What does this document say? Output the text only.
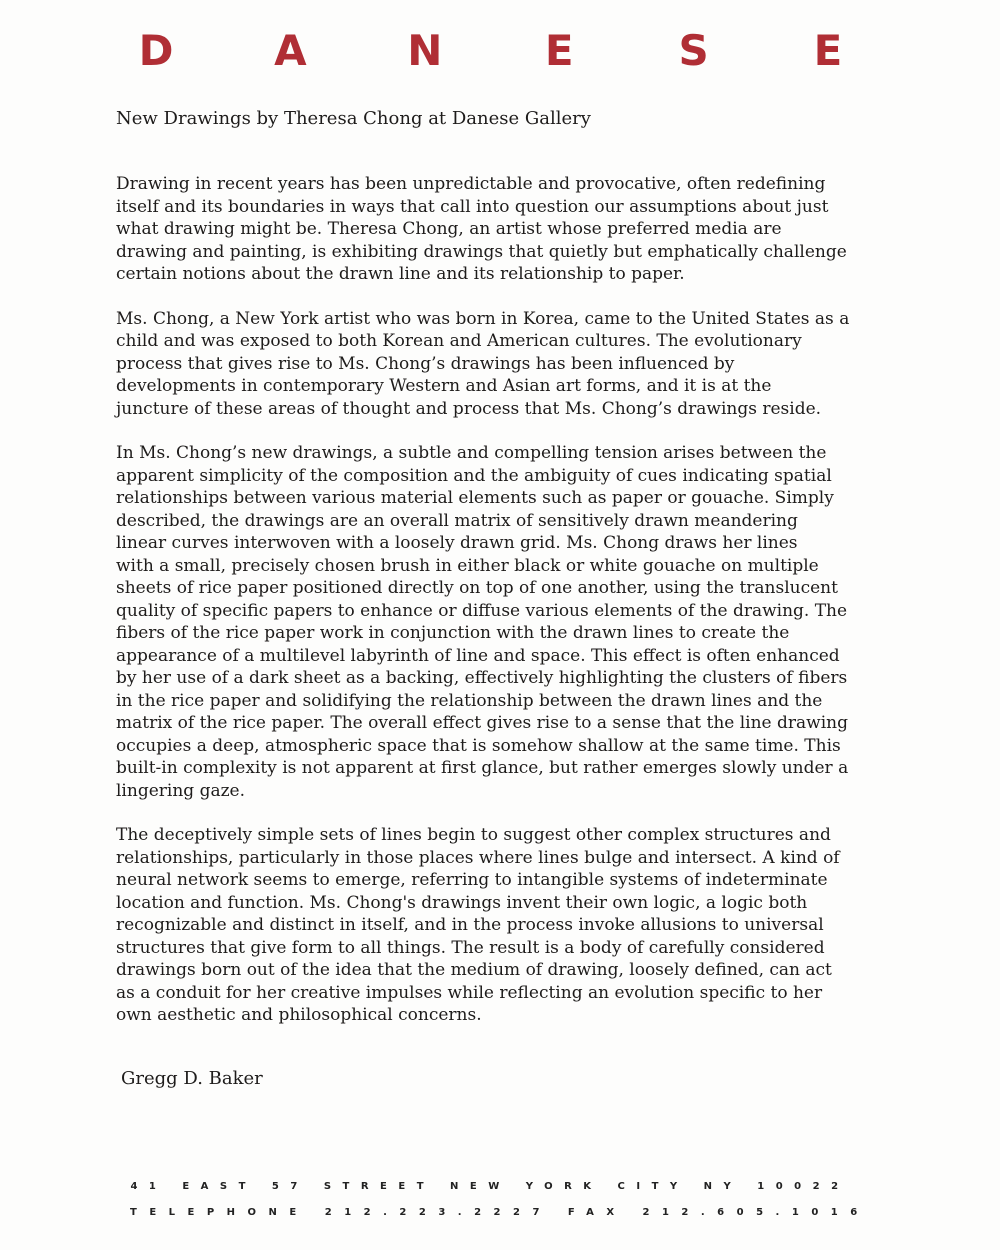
D A N E S E
New Drawings by Theresa Chong at Danese Gallery
Drawing in recent years has been unpredictable and provocative, often redefining
itself and its boundaries in ways that call into question our assumptions about just
what drawing might be. Theresa Chong, an artist whose preferred media are
drawing and painting, is exhibiting drawings that quietly but emphatically challenge
certain notions about the drawn line and its relationship to paper.
Ms. Chong, a New York artist who was born in Korea, came to the United States as a
child and was exposed to both Korean and American cultures. The evolutionary
process that gives rise to Ms. Chong’s drawings has been influenced by
developments in contemporary Western and Asian art forms, and it is at the
juncture of these areas of thought and process that Ms. Chong’s drawings reside.
In Ms. Chong’s new drawings, a subtle and compelling tension arises between the
apparent simplicity of the composition and the ambiguity of cues indicating spatial
relationships between various material elements such as paper or gouache. Simply
described, the drawings are an overall matrix of sensitively drawn meandering
linear curves interwoven with a loosely drawn grid. Ms. Chong draws her lines
with a small, precisely chosen brush in either black or white gouache on multiple
sheets of rice paper positioned directly on top of one another, using the translucent
quality of specific papers to enhance or diffuse various elements of the drawing. The
fibers of the rice paper work in conjunction with the drawn lines to create the
appearance of a multilevel labyrinth of line and space. This effect is often enhanced
by her use of a dark sheet as a backing, effectively highlighting the clusters of fibers
in the rice paper and solidifying the relationship between the drawn lines and the
matrix of the rice paper. The overall effect gives rise to a sense that the line drawing
occupies a deep, atmospheric space that is somehow shallow at the same time. This
built-in complexity is not apparent at first glance, but rather emerges slowly under a
lingering gaze.
The deceptively simple sets of lines begin to suggest other complex structures and
relationships, particularly in those places where lines bulge and intersect. A kind of
neural network seems to emerge, referring to intangible systems of indeterminate
location and function. Ms. Chong's drawings invent their own logic, a logic both
recognizable and distinct in itself, and in the process invoke allusions to universal
structures that give form to all things. The result is a body of carefully considered
drawings born out of the idea that the medium of drawing, loosely defined, can act
as a conduit for her creative impulses while reflecting an evolution specific to her
own aesthetic and philosophical concerns.
Gregg D. Baker
41 EAST 57 STREET NEW YORK CITY NY 10022
TELEPHONE 212.223.2227 FAX 212.605.1016
